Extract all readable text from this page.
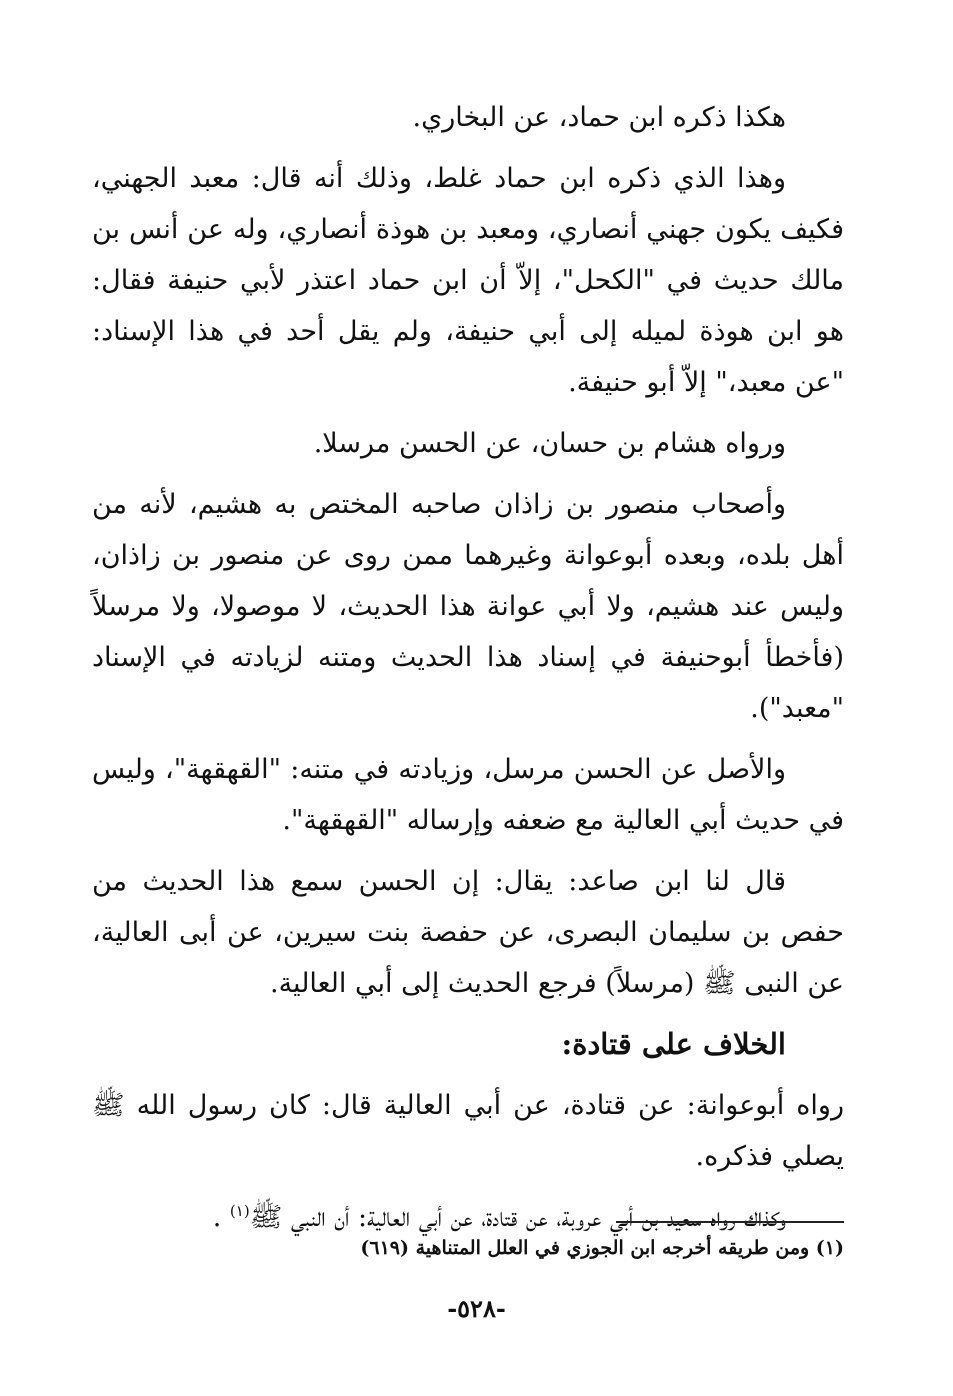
هكذا ذكره ابن حماد، عن البخاري.

وهذا الذي ذكره ابن حماد غلط، وذلك أنه قال: معبد الجهني، فكيف يكون جهني أنصاري، ومعبد بن هوذة أنصاري، وله عن أنس بن مالك حديث في "الكحل"، إلاّ أن ابن حماد اعتذر لأبي حنيفة فقال: هو ابن هوذة لميله إلى أبي حنيفة، ولم يقل أحد في هذا الإسناد: "عن معبد،" إلاّ أبو حنيفة.

ورواه هشام بن حسان، عن الحسن مرسلا.

وأصحاب منصور بن زاذان صاحبه المختص به هشيم، لأنه من أهل بلده، وبعده أبوعوانة وغيرهما ممن روى عن منصور بن زاذان، وليس عند هشيم، ولا أبي عوانة هذا الحديث، لا موصولا، ولا مرسلاً (فأخطأ أبوحنيفة في إسناد هذا الحديث ومتنه لزيادته في الإسناد "معبد").

والأصل عن الحسن مرسل، وزيادته في متنه: "القهقهة"، وليس في حديث أبي العالية مع ضعفه وإرساله "القهقهة".

قال لنا ابن صاعد: يقال: إن الحسن سمع هذا الحديث من حفص بن سليمان البصرى، عن حفصة بنت سيرين، عن أبى العالية، عن النبى ﷺ (مرسلاً) فرجع الحديث إلى أبي العالية.

الخلاف على قتادة:

رواه أبوعوانة: عن قتادة، عن أبي العالية قال: كان رسول الله ﷺ يصلي فذكره.

وكذاك رواه سعيد بن أبي عروبة، عن قتادة، عن أبي العالية: أن النبي ﷺ$^{(١)}$ .

(١) ومن طريقه أخرجه ابن الجوزي في العلل المتناهية (٦١٩)
-٥٢٨-
